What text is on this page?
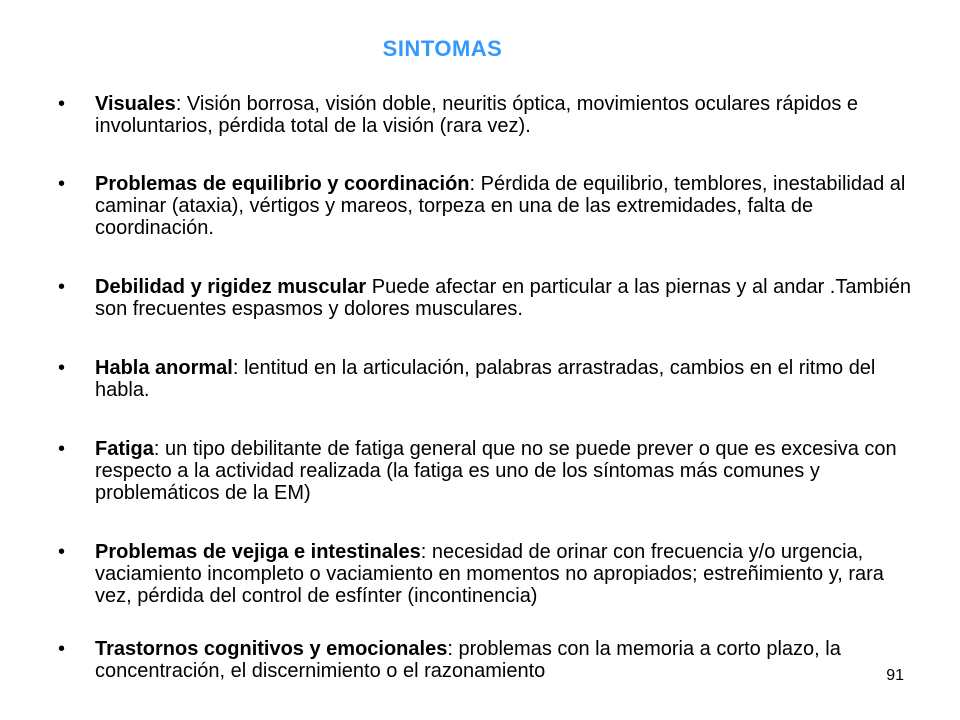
SINTOMAS
•	Visuales: Visión borrosa, visión doble, neuritis óptica, movimientos oculares rápidos e involuntarios, pérdida total de la visión (rara vez).
•	Problemas de equilibrio y coordinación: Pérdida de equilibrio, temblores, inestabilidad al caminar (ataxia), vértigos y mareos, torpeza en una de las extremidades, falta de coordinación.
•	Debilidad y rigidez muscular Puede afectar en particular a las piernas y al andar .También son frecuentes espasmos y dolores musculares.
•	Habla anormal: lentitud en la articulación, palabras arrastradas, cambios en el ritmo del habla.
•	Fatiga: un tipo debilitante de fatiga general que no se puede prever o que es excesiva con respecto a la actividad realizada (la fatiga es uno de los síntomas más comunes y problemáticos de la EM)
•	Problemas de vejiga e intestinales: necesidad de orinar con frecuencia y/o urgencia, vaciamiento incompleto o vaciamiento en momentos no apropiados; estreñimiento y, rara vez, pérdida del control de esfínter (incontinencia)
•	Trastornos cognitivos y emocionales: problemas con la memoria a corto plazo, la concentración, el discernimiento o el razonamiento	91
